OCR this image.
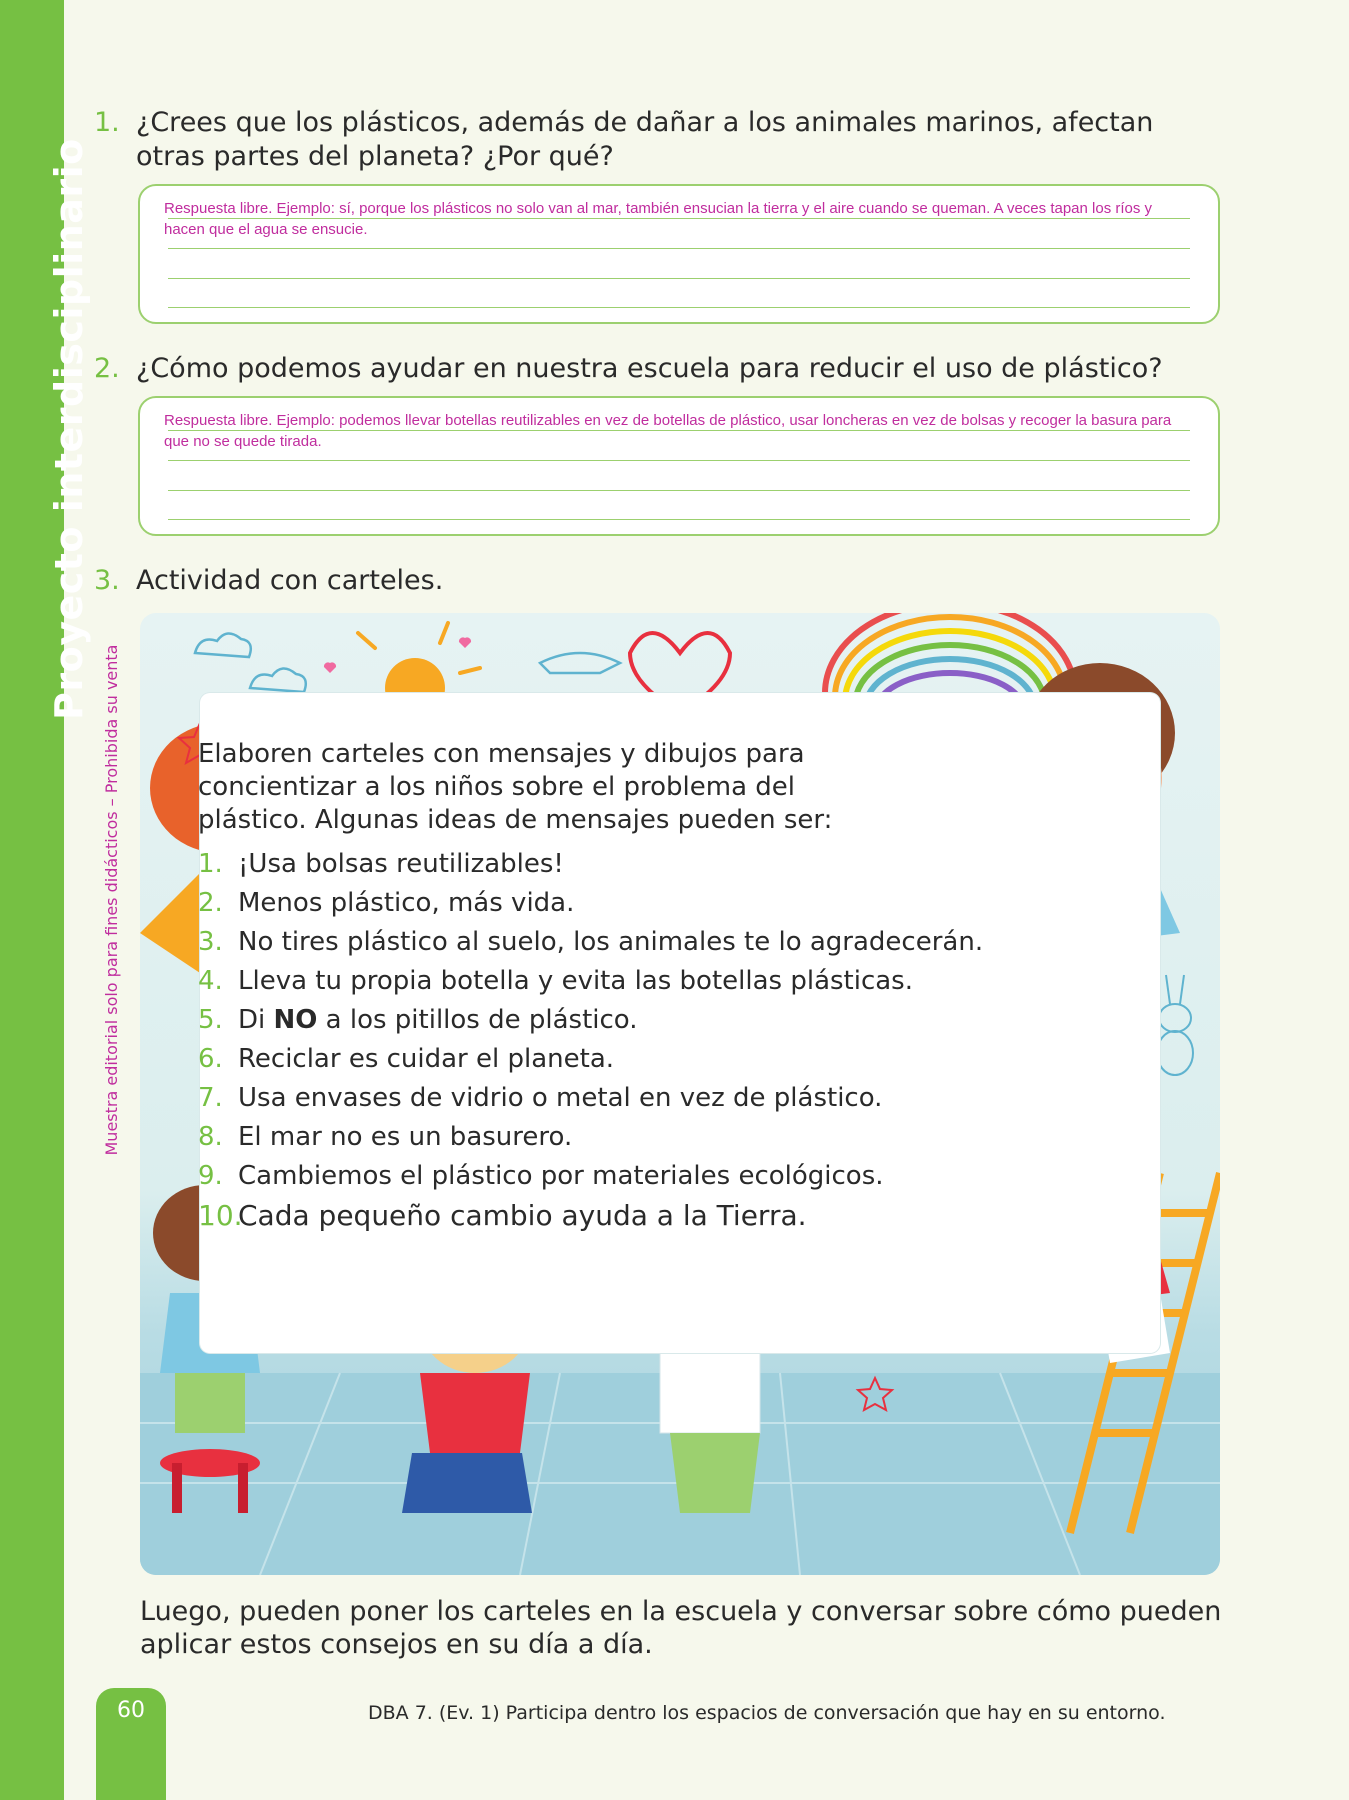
Proyecto interdisciplinario
Muestra editorial solo para fines didácticos – Prohibida su venta
1. ¿Crees que los plásticos, además de dañar a los animales marinos, afectan otras partes del planeta? ¿Por qué?
Respuesta libre. Ejemplo: sí, porque los plásticos no solo van al mar, también ensucian la tierra y el aire cuando se queman. A veces tapan los ríos y hacen que el agua se ensucie.
2. ¿Cómo podemos ayudar en nuestra escuela para reducir el uso de plástico?
Respuesta libre. Ejemplo: podemos llevar botellas reutilizables en vez de botellas de plástico, usar loncheras en vez de bolsas y recoger la basura para que no se quede tirada.
3. Actividad con carteles.
Elaboren carteles con mensajes y dibujos para concientizar a los niños sobre el problema del plástico. Algunas ideas de mensajes pueden ser:
1. ¡Usa bolsas reutilizables!
2. Menos plástico, más vida.
3. No tires plástico al suelo, los animales te lo agradecerán.
4. Lleva tu propia botella y evita las botellas plásticas.
5. Di NO a los pitillos de plástico.
6. Reciclar es cuidar el planeta.
7. Usa envases de vidrio o metal en vez de plástico.
8. El mar no es un basurero.
9. Cambiemos el plástico por materiales ecológicos.
10.Cada pequeño cambio ayuda a la Tierra.
Luego, pueden poner los carteles en la escuela y conversar sobre cómo pueden aplicar estos consejos en su día a día.
60	DBA 7. (Ev. 1) Participa dentro los espacios de conversación que hay en su entorno.
